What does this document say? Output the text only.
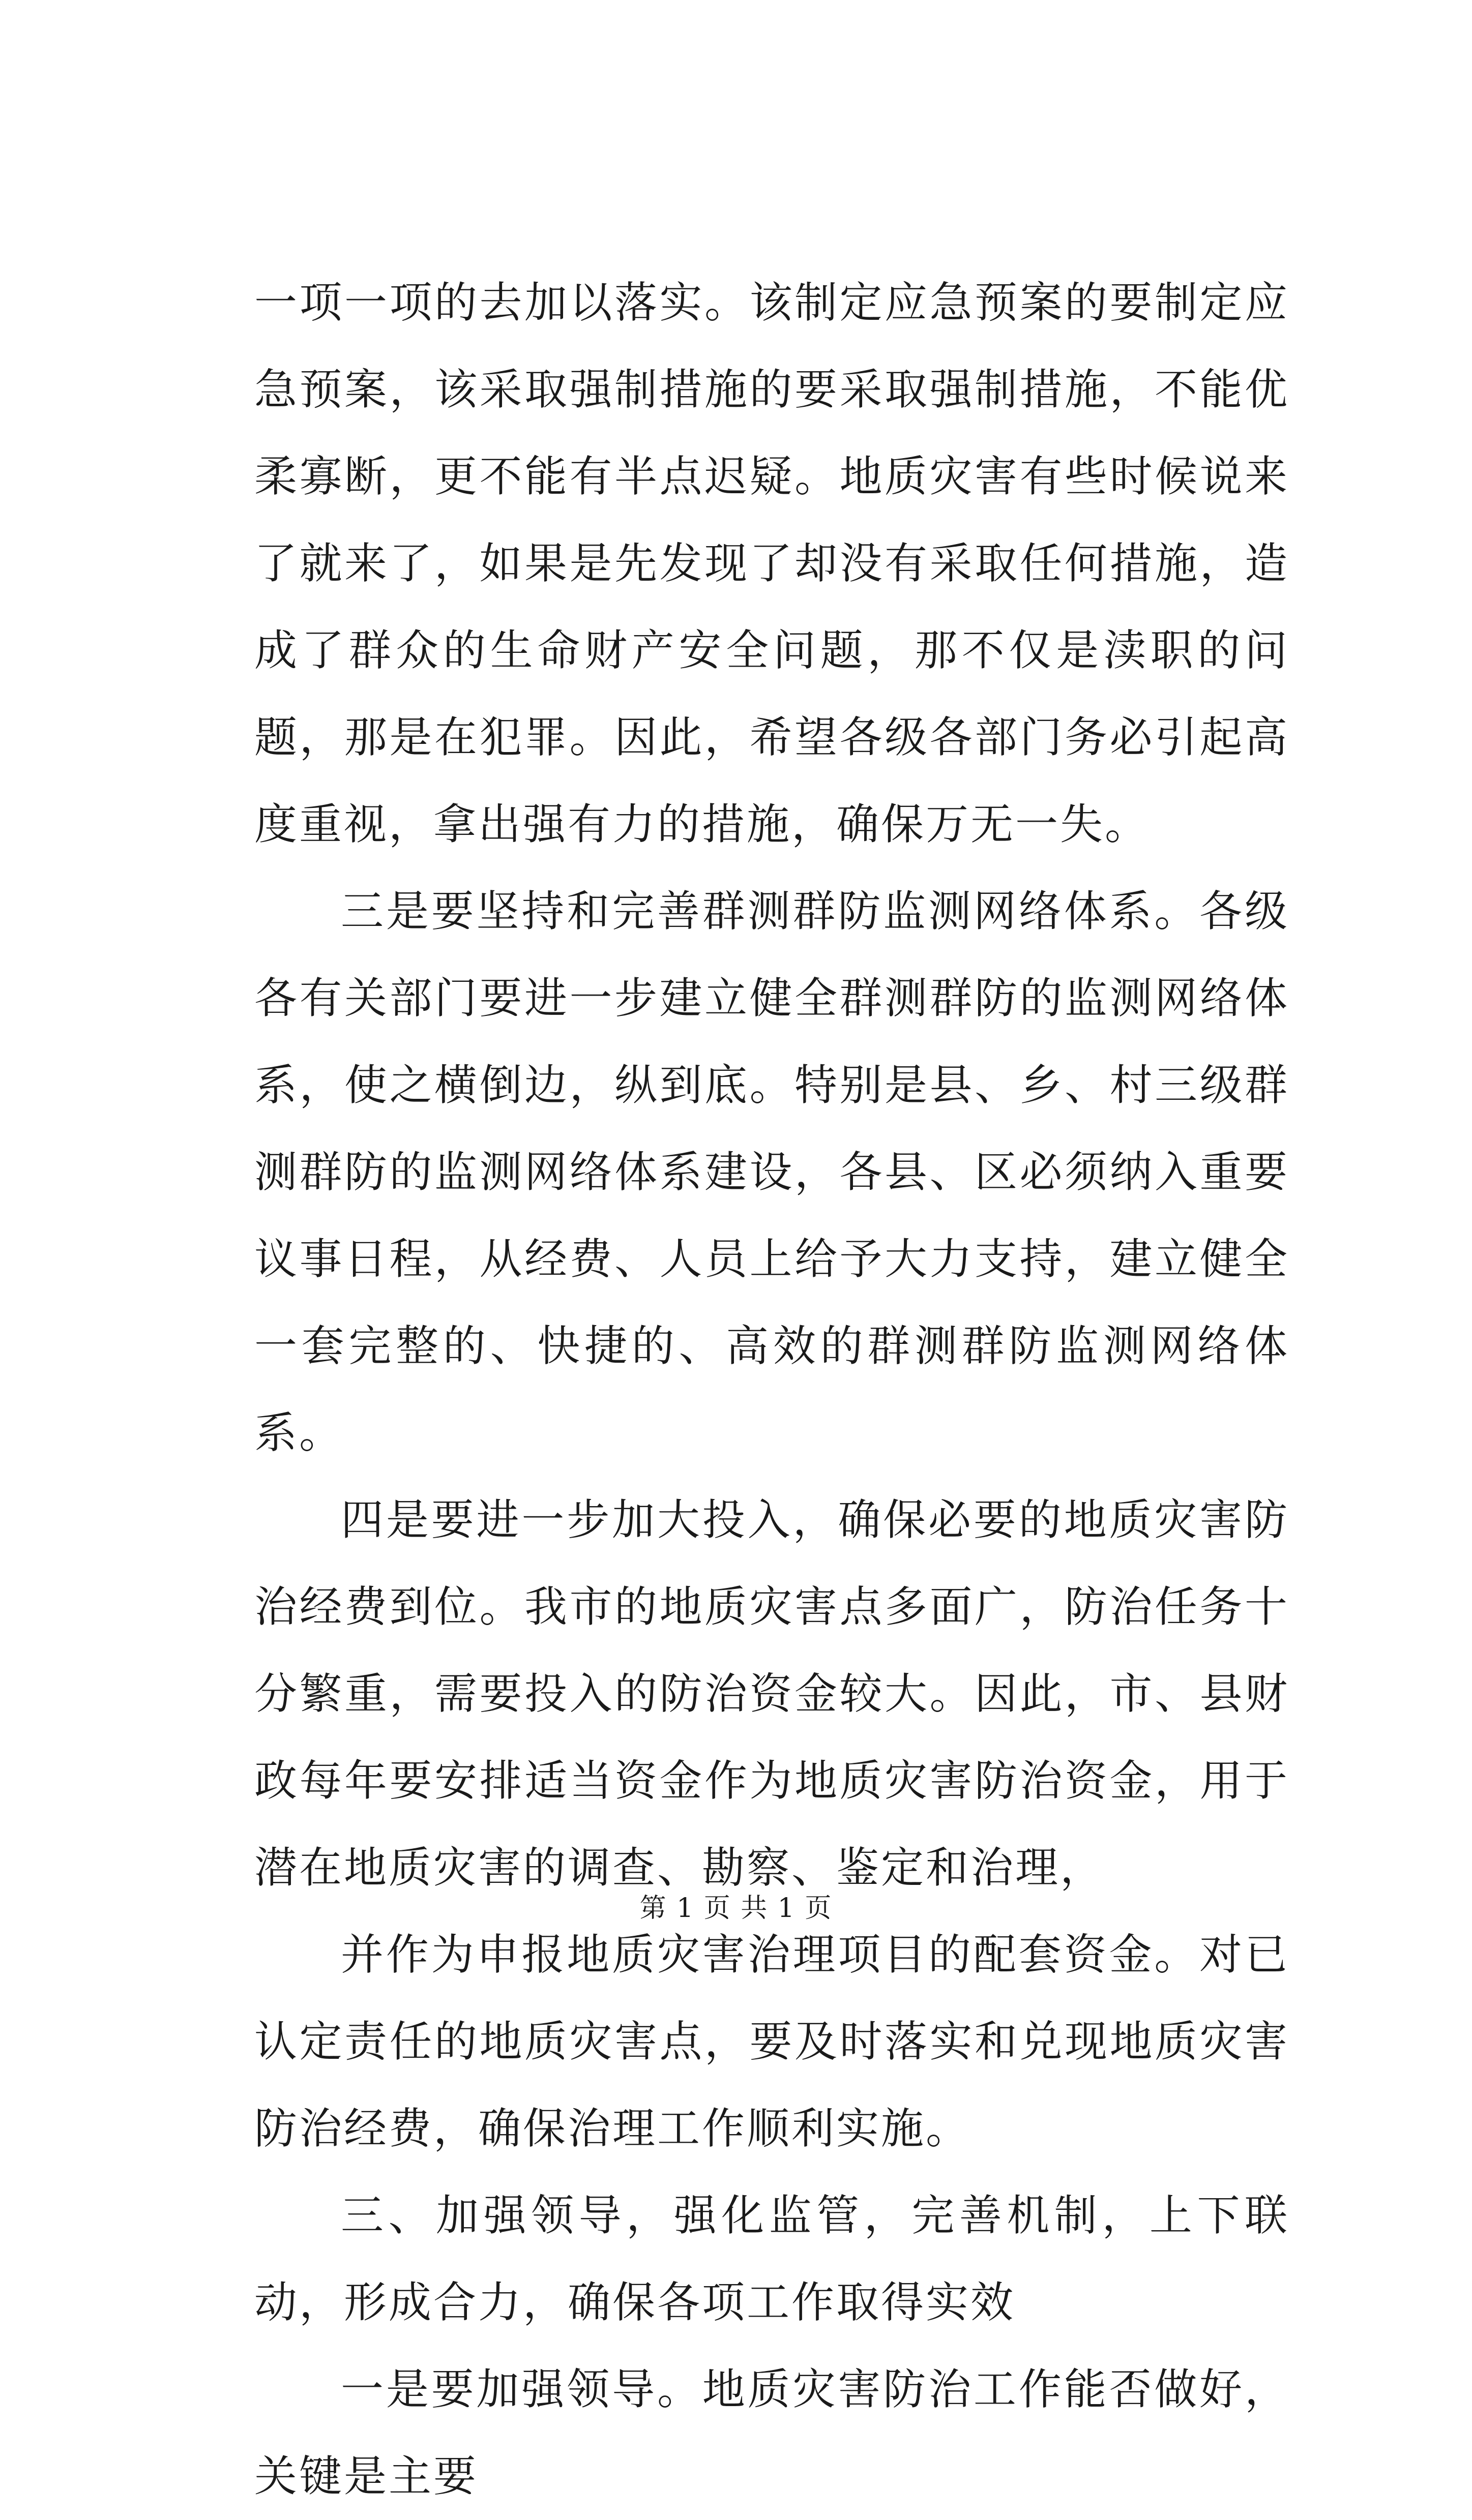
一项一项的去加以落实。该制定应急预案的要制定应急预案，该采取强制措施的要采取强制措施，不能优柔寡断，更不能有半点迟疑。地质灾害有些时候说来了就来了，如果是先发现了却没有采取任何措施，造成了群众的生命财产安全问题，那不仅是渎职的问题，那是在犯罪。因此，希望各级各部门务必引起高度重视，拿出强有力的措施，确保万无一失。

三是要坚持和完善群测群防监测网络体系。各级各有关部门要进一步建立健全群测群防的监测网络体系，使之横倒边，纵到底。特别是县、乡、村三级群测群防的监测网络体系建设，各县、区必须纳入重要议事日程，从经费、人员上给予大力支持，建立健全一套完整的、快捷的、高效的群测群防监测网络体系。

四是要进一步加大投入，确保必要的地质灾害防治经费到位。我市的地质灾害点多面广，防治任务十分繁重，需要投入的防治资金较大。因此，市、县财政每年要安排适当资金作为地质灾害防治资金，用于潜在地质灾害的调查、勘察、鉴定和治理，

并作为申报地质灾害治理项目的配套资金。对已认定责任的地质灾害点，要及时落实和兑现地质灾害防治经费，确保治理工作顺利实施。

三、加强领导，强化监管，完善机制，上下联动，形成合力，确保各项工作取得实效

一是要加强领导。地质灾害防治工作能否做好，关键是主要

第 1 页 共 1 页
